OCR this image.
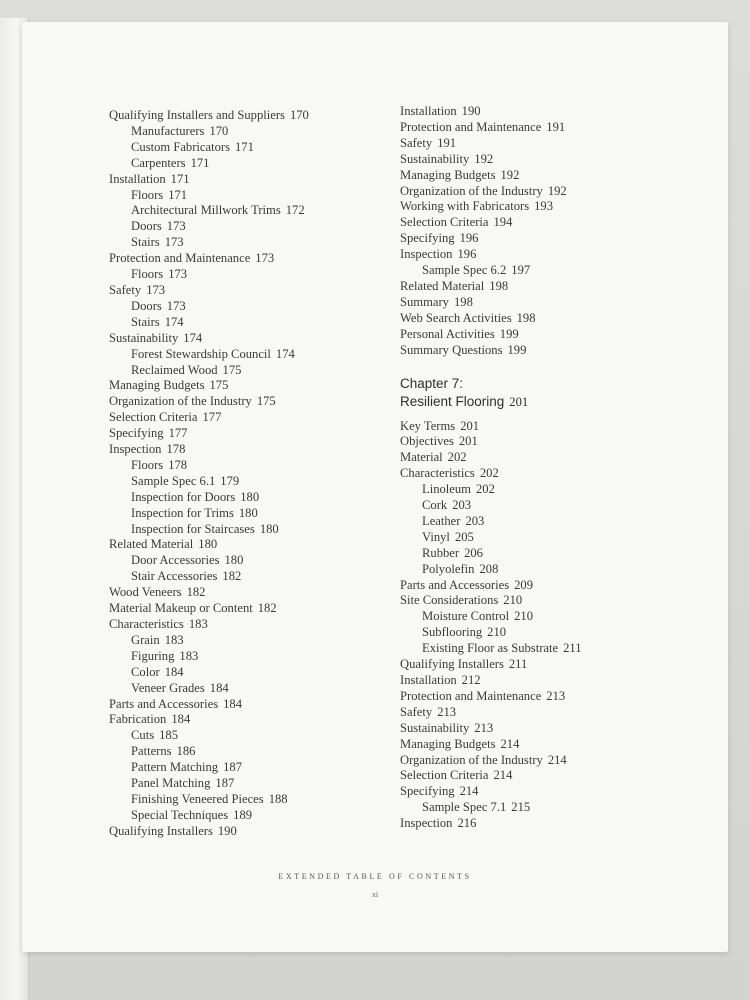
Qualifying Installers and Suppliers 170
Manufacturers 170
Custom Fabricators 171
Carpenters 171
Installation 171
Floors 171
Architectural Millwork Trims 172
Doors 173
Stairs 173
Protection and Maintenance 173
Floors 173
Safety 173
Doors 173
Stairs 174
Sustainability 174
Forest Stewardship Council 174
Reclaimed Wood 175
Managing Budgets 175
Organization of the Industry 175
Selection Criteria 177
Specifying 177
Inspection 178
Floors 178
Sample Spec 6.1 179
Inspection for Doors 180
Inspection for Trims 180
Inspection for Staircases 180
Related Material 180
Door Accessories 180
Stair Accessories 182
Wood Veneers 182
Material Makeup or Content 182
Characteristics 183
Grain 183
Figuring 183
Color 184
Veneer Grades 184
Parts and Accessories 184
Fabrication 184
Cuts 185
Patterns 186
Pattern Matching 187
Panel Matching 187
Finishing Veneered Pieces 188
Special Techniques 189
Qualifying Installers 190
Installation 190
Protection and Maintenance 191
Safety 191
Sustainability 192
Managing Budgets 192
Organization of the Industry 192
Working with Fabricators 193
Selection Criteria 194
Specifying 196
Inspection 196
Sample Spec 6.2 197
Related Material 198
Summary 198
Web Search Activities 198
Personal Activities 199
Summary Questions 199
Chapter 7:
Resilient Flooring 201
Key Terms 201
Objectives 201
Material 202
Characteristics 202
Linoleum 202
Cork 203
Leather 203
Vinyl 205
Rubber 206
Polyolefin 208
Parts and Accessories 209
Site Considerations 210
Moisture Control 210
Subflooring 210
Existing Floor as Substrate 211
Qualifying Installers 211
Installation 212
Protection and Maintenance 213
Safety 213
Sustainability 213
Managing Budgets 214
Organization of the Industry 214
Selection Criteria 214
Specifying 214
Sample Spec 7.1 215
Inspection 216
EXTENDED TABLE OF CONTENTS
xi
